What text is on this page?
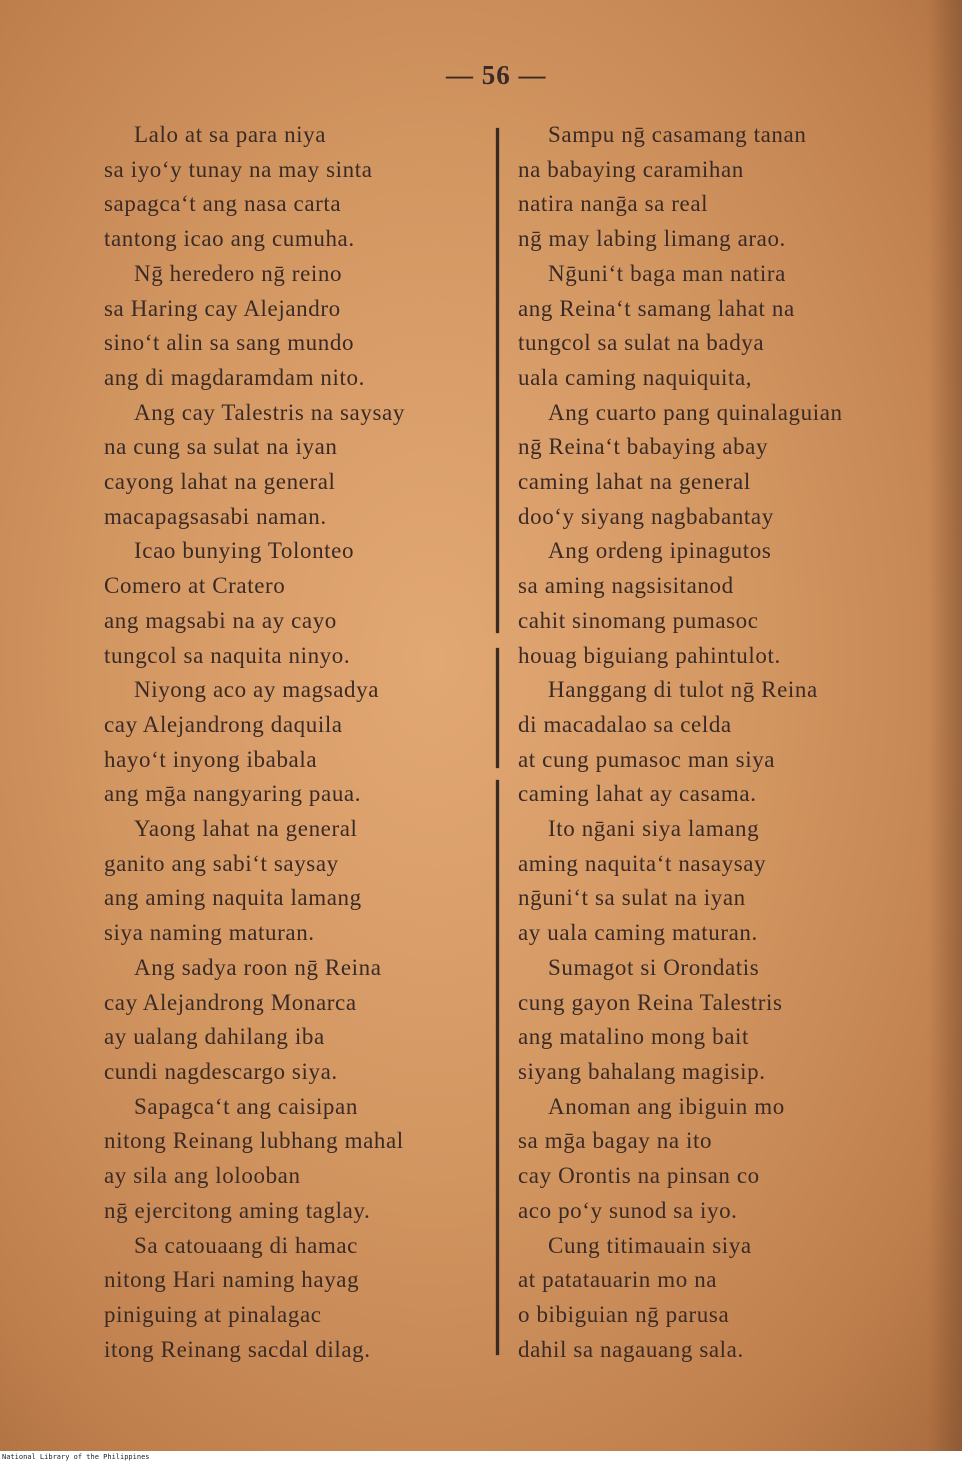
— 56 —
Lalo at sa para niya
sa iyo‘y tunay na may sinta
sapagca‘t ang nasa carta
tantong icao ang cumuha.
Nḡ heredero nḡ reino
sa Haring cay Alejandro
sino‘t alin sa sang mundo
ang di magdaramdam nito.
Ang cay Talestris na saysay
na cung sa sulat na iyan
cayong lahat na general
macapagsasabi naman.
Icao bunying Tolonteo
Comero at Cratero
ang magsabi na ay cayo
tungcol sa naquita ninyo.
Niyong aco ay magsadya
cay Alejandrong daquila
hayo‘t inyong ibabala
ang mḡa nangyaring paua.
Yaong lahat na general
ganito ang sabi‘t saysay
ang aming naquita lamang
siya naming maturan.
Ang sadya roon nḡ Reina
cay Alejandrong Monarca
ay ualang dahilang iba
cundi nagdescargo siya.
Sapagca‘t ang caisipan
nitong Reinang lubhang mahal
ay sila ang lolooban
nḡ ejercitong aming taglay.
Sa catouaang di hamac
nitong Hari naming hayag
piniguing at pinalagac
itong Reinang sacdal dilag.
Sampu nḡ casamang tanan
na babaying caramihan
natira nanḡa sa real
nḡ may labing limang arao.
Nḡuni‘t baga man natira
ang Reina‘t samang lahat na
tungcol sa sulat na badya
uala caming naquiquita,
Ang cuarto pang quinalaguian
nḡ Reina‘t babaying abay
caming lahat na general
doo‘y siyang nagbabantay
Ang ordeng ipinagutos
sa aming nagsisitanod
cahit sinomang pumasoc
houag biguiang pahintulot.
Hanggang di tulot nḡ Reina
di macadalao sa celda
at cung pumasoc man siya
caming lahat ay casama.
Ito nḡani siya lamang
aming naquita‘t nasaysay
nḡuni‘t sa sulat na iyan
ay uala caming maturan.
Sumagot si Orondatis
cung gayon Reina Talestris
ang matalino mong bait
siyang bahalang magisip.
Anoman ang ibiguin mo
sa mḡa bagay na ito
cay Orontis na pinsan co
aco po‘y sunod sa iyo.
Cung titimauain siya
at patatauarin mo na
o bibiguian nḡ parusa
dahil sa nagauang sala.
National Library of the Philippines
